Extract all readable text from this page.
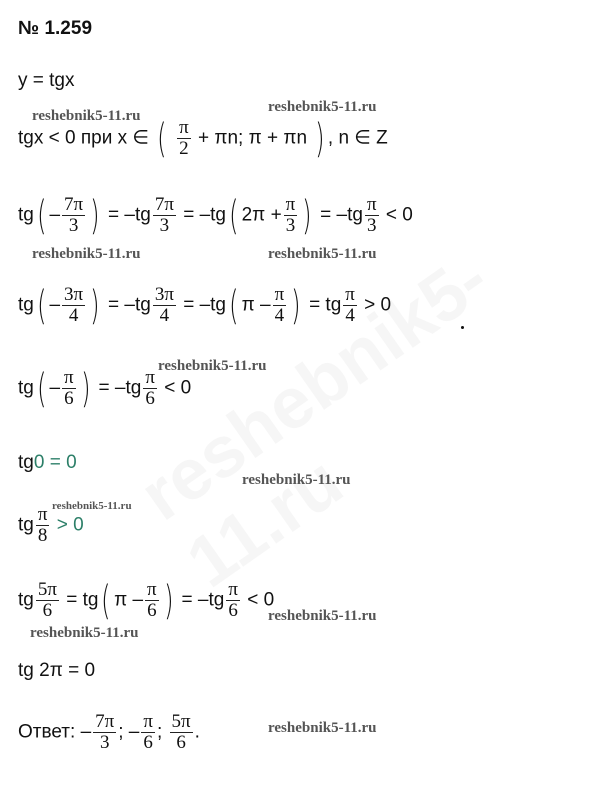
№ 1.259
y = tgx
reshebnik5-11.ru
reshebnik5-11.ru
tgx < 0 при x ∈ ( $\frac{\pi}{2} + \pi n$; π + πn ) , n ∈ Z
$tg( - \frac{7\pi}{3}$ ) = $-tg \frac{7\pi}{3} = -tg$( $2\pi + \frac{\pi}{3}$ ) = $-tg \frac{\pi}{3} < 0$
reshebnik5-11.ru	reshebnik5-11.ru
$tg( - \frac{3\pi}{4}$ ) = $-tg \frac{3\pi}{4} = -tg$( π – $\frac{\pi}{4}$ ) = tg $\frac{\pi}{4} > 0$
reshebnik5-11.ru
$tg( - \frac{\pi}{6}$ ) = $-tg \frac{\pi}{6} < 0$
tg0 = 0
reshebnik5-11.ru
tg $\frac{\pi}{8} > 0$
reshebnik5-11.ru
tg $\frac{5\pi}{6} = tg$( π – $\frac{\pi}{6}$ ) = $-tg \frac{\pi}{6} < 0$
reshebnik5-11.ru
reshebnik5-11.ru
tg 2π = 0
Ответ: – $\frac{7\pi}{3}$ ; – $\frac{\pi}{6}$ ; $\frac{5\pi}{6}$ .	reshebnik5-11.ru
